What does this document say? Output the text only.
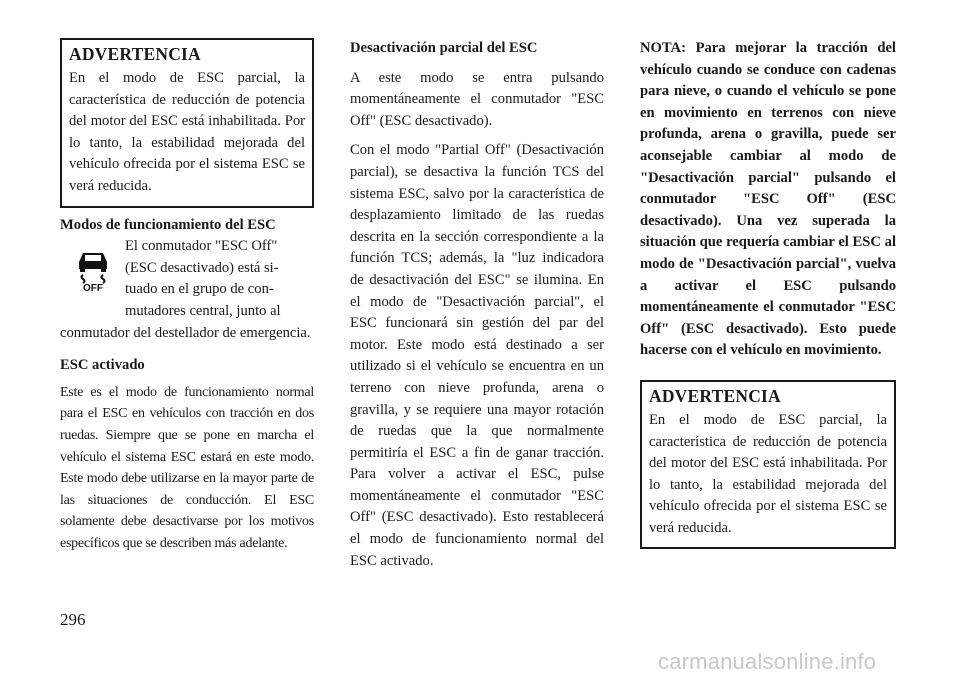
ADVERTENCIA

En el modo de ESC parcial, la característica de reducción de potencia del motor del ESC está inhabilitada. Por lo tanto, la estabilidad mejorada del vehículo ofrecida por el sistema ESC se verá reducida.

Modos de funcionamiento del ESC
OFF

El conmutador "ESC Off"
(ESC desactivado) está si-
tuado en el grupo de con-
mutadores central, junto al
conmutador del destellador de emergencia.

ESC activado

Este es el modo de funcionamiento normal para el ESC en vehículos con tracción en dos ruedas. Siempre que se pone en marcha el vehículo el sistema ESC estará en este modo. Este modo debe utilizarse en la mayor parte de las situaciones de conducción. El ESC solamente debe desactivarse por los motivos específicos que se describen más adelante.

Desactivación parcial del ESC

A este modo se entra pulsando momentáneamente el conmutador "ESC Off" (ESC desactivado).

Con el modo "Partial Off" (Desactivación parcial), se desactiva la función TCS del sistema ESC, salvo por la característica de desplazamiento limitado de las ruedas descrita en la sección correspondiente a la función TCS; además, la "luz indicadora de desactivación del ESC" se ilumina. En el modo de "Desactivación parcial", el ESC funcionará sin gestión del par del motor. Este modo está destinado a ser utilizado si el vehículo se encuentra en un terreno con nieve profunda, arena o gravilla, y se requiere una mayor rotación de ruedas que la que normalmente permitiría el ESC a fin de ganar tracción. Para volver a activar el ESC, pulse momentáneamente el conmutador "ESC Off" (ESC desactivado). Esto restablecerá el modo de funcionamiento normal del ESC activado.

NOTA: Para mejorar la tracción del vehículo cuando se conduce con cadenas para nieve, o cuando el vehículo se pone en movimiento en terrenos con nieve profunda, arena o gravilla, puede ser aconsejable cambiar al modo de "Desactivación parcial" pulsando el conmutador "ESC Off" (ESC desactivado). Una vez superada la situación que requería cambiar el ESC al modo de "Desactivación parcial", vuelva a activar el ESC pulsando momentáneamente el conmutador "ESC Off" (ESC desactivado). Esto puede hacerse con el vehículo en movimiento.

ADVERTENCIA

En el modo de ESC parcial, la característica de reducción de potencia del motor del ESC está inhabilitada. Por lo tanto, la estabilidad mejorada del vehículo ofrecida por el sistema ESC se verá reducida.

296
carmanualsonline.info
